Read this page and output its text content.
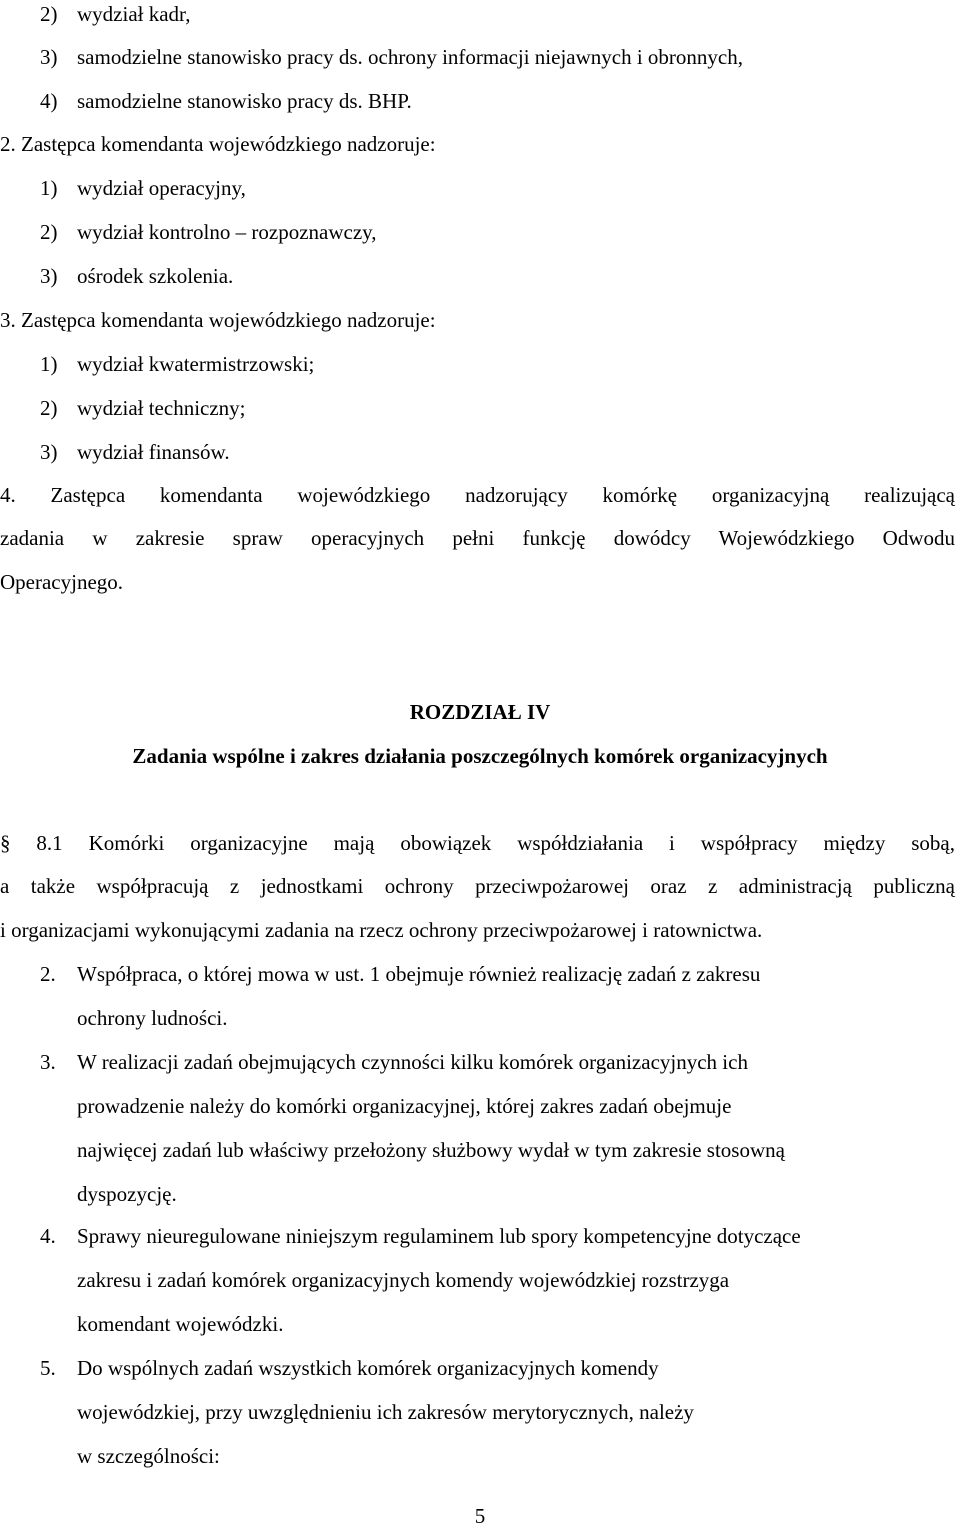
2) wydział kadr,
3) samodzielne stanowisko pracy ds. ochrony informacji niejawnych i obronnych,
4) samodzielne stanowisko pracy ds. BHP.
2. Zastępca komendanta wojewódzkiego nadzoruje:
1) wydział operacyjny,
2) wydział kontrolno – rozpoznawczy,
3) ośrodek szkolenia.
3. Zastępca komendanta wojewódzkiego nadzoruje:
1) wydział kwatermistrzowski;
2) wydział techniczny;
3) wydział finansów.
4. Zastępca komendanta wojewódzkiego nadzorujący komórkę organizacyjną realizującą
zadania w zakresie spraw operacyjnych pełni funkcję dowódcy Wojewódzkiego Odwodu
Operacyjnego.
ROZDZIAŁ IV
Zadania wspólne i zakres działania poszczególnych komórek organizacyjnych
§ 8.1 Komórki organizacyjne mają obowiązek współdziałania i współpracy między sobą,
a także współpracują z jednostkami ochrony przeciwpożarowej oraz z administracją publiczną
i organizacjami wykonującymi zadania na rzecz ochrony przeciwpożarowej i ratownictwa.
2. Współpraca, o której mowa w ust. 1 obejmuje również realizację zadań z zakresu
ochrony ludności.
3. W realizacji zadań obejmujących czynności kilku komórek organizacyjnych ich
prowadzenie należy do komórki organizacyjnej, której zakres zadań obejmuje
najwięcej zadań lub właściwy przełożony służbowy wydał w tym zakresie stosowną
dyspozycję.
4. Sprawy nieuregulowane niniejszym regulaminem lub spory kompetencyjne dotyczące
zakresu i zadań komórek organizacyjnych komendy wojewódzkiej rozstrzyga
komendant wojewódzki.
5. Do wspólnych zadań wszystkich komórek organizacyjnych komendy
wojewódzkiej, przy uwzględnieniu ich zakresów merytorycznych, należy
w szczególności:
5
